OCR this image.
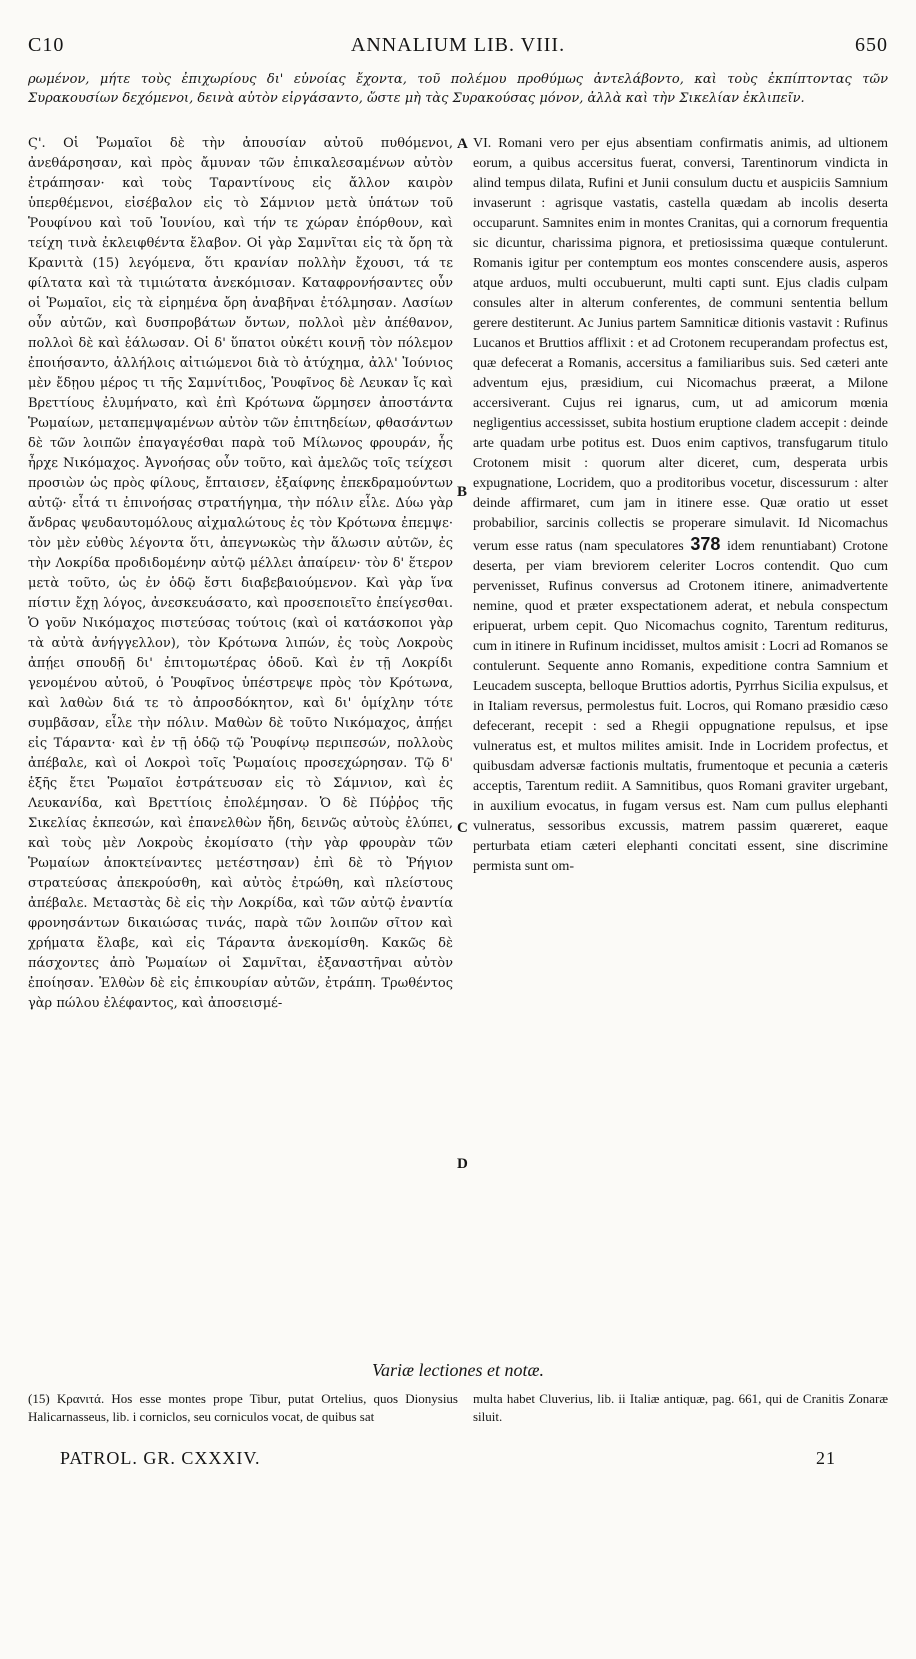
C10	ANNALIUM LIB. VIII.	650

ρωμένον, μήτε τοὺς ἐπιχωρίους δι' εὐνοίας ἔχοντα, τοῦ πολέμου προθύμως ἀντελάβοντο, καὶ τοὺς ἐκπίπτοντας τῶν Συρακουσίων δεχόμενοι, δεινὰ αὐτὸν εἰργάσαντο, ὥστε μὴ τὰς Συρακούσας μόνον, ἀλλὰ καὶ τὴν Σικελίαν ἐκλιπεῖν.

Ϛ'. Οἱ Ῥωμαῖοι δὲ τὴν ἀπουσίαν αὐτοῦ πυθόμενοι, ἀνεθάρσησαν, καὶ πρὸς ἄμυναν τῶν ἐπικαλεσαμένων αὐτὸν ἐτράπησαν· καὶ τοὺς Ταραντίνους εἰς ἄλλον καιρὸν ὑπερθέμενοι, εἰσέβαλον εἰς τὸ Σάμνιον μετὰ ὑπάτων τοῦ Ῥουφίνου καὶ τοῦ Ἰουνίου, καὶ τήν τε χώραν ἐπόρθουν, καὶ τείχη τινὰ ἐκλειφθέντα ἔλαβον. Οἱ γὰρ Σαμνῖται εἰς τὰ ὄρη τὰ Κρανιτὰ (15) λεγόμενα, ὅτι κρανίαν πολλὴν ἔχουσι, τά τε φίλτατα καὶ τὰ τιμιώτατα ἀνεκόμισαν. Καταφρονήσαντες οὖν οἱ Ῥωμαῖοι, εἰς τὰ εἰρημένα ὄρη ἀναβῆναι ἐτόλμησαν. Λασίων οὖν αὐτῶν, καὶ δυσπροβάτων ὄντων, πολλοὶ μὲν ἀπέθανον, πολλοὶ δὲ καὶ ἑάλωσαν. Οἱ δ' ὕπατοι οὐκέτι κοινῇ τὸν πόλεμον ἐποιήσαντο, ἀλλήλοις αἰτιώμενοι διὰ τὸ ἀτύχημα, ἀλλ' Ἰούνιος μὲν ἔδῃου μέρος τι τῆς Σαμνίτιδος, Ῥουφῖνος δὲ Λευκαν ἴς καὶ Βρεττίους ἐλυμήνατο, καὶ ἐπὶ Κρότωνα ὥρμησεν ἀποστάντα Ῥωμαίων, μεταπεμψαμένων αὐτὸν τῶν ἐπιτηδείων, φθασάντων δὲ τῶν λοιπῶν ἐπαγαγέσθαι παρὰ τοῦ Μίλωνος φρουράν, ἧς ἦρχε Νικόμαχος. Ἀγνοήσας οὖν τοῦτο, καὶ ἀμελῶς τοῖς τείχεσι προσιὼν ὡς πρὸς φίλους, ἔπταισεν, ἐξαίφνης ἐπεκδραμούντων αὐτῷ· εἶτά τι ἐπινοήσας στρατήγημα, τὴν πόλιν εἷλε. Δύω γὰρ ἄνδρας ψευδαυτομόλους αἰχμαλώτους ἐς τὸν Κρότωνα ἐπεμψε· τὸν μὲν εὐθὺς λέγοντα ὅτι, ἀπεγνωκὼς τὴν ἅλωσιν αὐτῶν, ἐς τὴν Λοκρίδα προδιδομένην αὐτῷ μέλλει ἀπαίρειν· τὸν δ' ἕτερον μετὰ τοῦτο, ὡς ἐν ὁδῷ ἔστι διαβεβαιούμενον. Καὶ γὰρ ἵνα πίστιν ἔχῃ λόγος, ἀνεσκευάσατο, καὶ προσεποιεῖτο ἐπείγεσθαι. Ὁ γοῦν Νικόμαχος πιστεύσας τούτοις (καὶ οἱ κατάσκοποι γὰρ τὰ αὐτὰ ἀνήγγελλον), τὸν Κρότωνα λιπών, ἐς τοὺς Λοκροὺς ἀπῄει σπουδῇ δι' ἐπιτομωτέρας ὁδοῦ. Καὶ ἐν τῇ Λοκρίδι γενομένου αὐτοῦ, ὁ Ῥουφῖνος ὑπέστρεψε πρὸς τὸν Κρότωνα, καὶ λαθὼν διά τε τὸ ἀπροσδόκητον, καὶ δι' ὁμίχλην τότε συμβᾶσαν, εἷλε τὴν πόλιν. Μαθὼν δὲ τοῦτο Νικόμαχος, ἀπῄει εἰς Τάραντα· καὶ ἐν τῇ ὁδῷ τῷ Ῥουφίνῳ περιπεσών, πολλοὺς ἀπέβαλε, καὶ οἱ Λοκροὶ τοῖς Ῥωμαίοις προσεχώρησαν. Τῷ δ' ἑξῆς ἔτει Ῥωμαῖοι ἐστράτευσαν εἰς τὸ Σάμνιον, καὶ ἐς Λευκανίδα, καὶ Βρεττίοις ἐπολέμησαν. Ὁ δὲ Πύῤῥος τῆς Σικελίας ἐκπεσών, καὶ ἐπανελθὼν ἤδη, δεινῶς αὐτοὺς ἐλύπει, καὶ τοὺς μὲν Λοκροὺς ἐκομίσατο (τὴν γὰρ φρουρὰν τῶν Ῥωμαίων ἀποκτείναντες μετέστησαν) ἐπὶ δὲ τὸ Ῥήγιον στρατεύσας ἀπεκρούσθη, καὶ αὐτὸς ἐτρώθη, καὶ πλείστους ἀπέβαλε. Μεταστὰς δὲ εἰς τὴν Λοκρίδα, καὶ τῶν αὐτῷ ἐναντία φρονησάντων δικαιώσας τινάς, παρὰ τῶν λοιπῶν σῖτον καὶ χρήματα ἔλαβε, καὶ εἰς Τάραντα ἀνεκομίσθη. Κακῶς δὲ πάσχοντες ἀπὸ Ῥωμαίων οἱ Σαμνῖται, ἐξαναστῆναι αὐτὸν ἐποίησαν. Ἐλθὼν δὲ εἰς ἐπικουρίαν αὐτῶν, ἐτράπη. Τρωθέντος γὰρ πώλου ἐλέφαντος, καὶ ἀποσεισμέ-

VI. Romani vero per ejus absentiam confirmatis animis, ad ultionem eorum, a quibus accersitus fuerat, conversi, Tarentinorum vindicta in alind tempus dilata, Rufini et Junii consulum ductu et auspiciis Samnium invaserunt : agrisque vastatis, castella quædam ab incolis deserta occuparunt. Samnites enim in montes Cranitas, qui a cornorum frequentia sic dicuntur, charissima pignora, et pretiosissima quæque contulerunt. Romanis igitur per contemptum eos montes conscendere ausis, asperos atque arduos, multi occubuerunt, multi capti sunt. Ejus cladis culpam consules alter in alterum conferentes, de communi sententia bellum gerere destiterunt. Ac Junius partem Samniticæ ditionis vastavit : Rufinus Lucanos et Bruttios afflixit : et ad Crotonem recuperandam profectus est, quæ defecerat a Romanis, accersitus a familiaribus suis. Sed cæteri ante adventum ejus, præsidium, cui Nicomachus præerat, a Milone accersiverant. Cujus rei ignarus, cum, ut ad amicorum mœnia negligentius accessisset, subita hostium eruptione cladem accepit : deinde arte quadam urbe potitus est. Duos enim captivos, transfugarum titulo Crotonem misit : quorum alter diceret, cum, desperata urbis expugnatione, Locridem, quo a proditoribus vocetur, discessurum : alter deinde affirmaret, cum jam in itinere esse. Quæ oratio ut esset probabilior, sarcinis collectis se properare simulavit. Id Nicomachus verum esse ratus (nam speculatores 378 idem renuntiabant) Crotone deserta, per viam breviorem celeriter Locros contendit. Quo cum pervenisset, Rufinus conversus ad Crotonem itinere, animadvertente nemine, quod et præter exspectationem aderat, et nebula conspectum eripuerat, urbem cepit. Quo Nicomachus cognito, Tarentum rediturus, cum in itinere in Rufinum incidisset, multos amisit : Locri ad Romanos se contulerunt. Sequente anno Romanis, expeditione contra Samnium et Leucadem suscepta, belloque Bruttios adortis, Pyrrhus Sicilia expulsus, et in Italiam reversus, permolestus fuit. Locros, qui Romano præsidio cæso defecerant, recepit : sed a Rhegii oppugnatione repulsus, et ipse vulneratus est, et multos milites amisit. Inde in Locridem profectus, et quibusdam adversæ factionis multatis, frumentoque et pecunia a cæteris acceptis, Tarentum rediit. A Samnitibus, quos Romani graviter urgebant, in auxilium evocatus, in fugam versus est. Nam cum pullus elephanti vulneratus, sessoribus excussis, matrem passim quæreret, eaque perturbata etiam cæteri elephanti concitati essent, sine discrimine permista sunt om-

A
B
C
D
Variæ lectiones et notæ.
(15) Κρανιτά. Hos esse montes prope Tibur, putat Ortelius, quos Dionysius Halicarnasseus, lib. i corniclos, seu corniculos vocat, de quibus sat
multa habet Cluverius, lib. ii Italiæ antiquæ, pag. 661, qui de Cranitis Zonaræ siluit.
PATROL. GR. CXXXIV.	21
